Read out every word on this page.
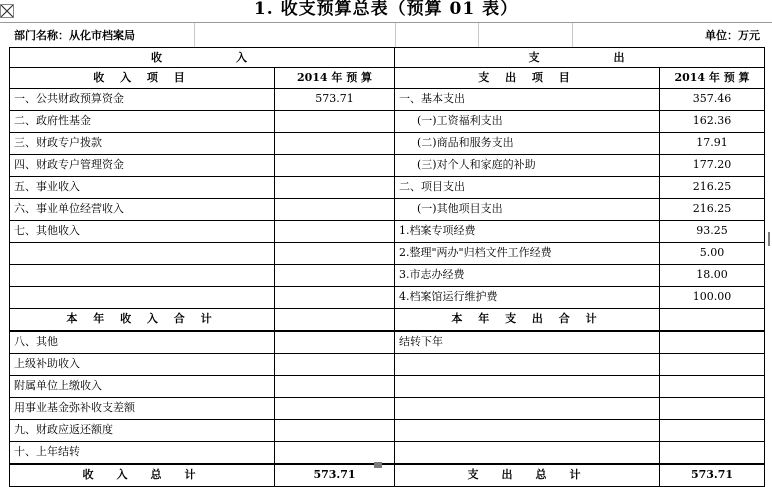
1. 收支预算总表（预算 01 表）
部门名称：从化市档案局	单位：万元
收　　　　入		支　　　　出	
收 入 项 目	2014 年 预 算	支 出 项 目	2014 年 预 算
一、公共财政预算资金	573.71	一、基本支出	357.46
二、政府性基金		(一)工资福利支出	162.36
三、财政专户拨款		(二)商品和服务支出	17.91
四、财政专户管理资金		(三)对个人和家庭的补助	177.20
五、事业收入		二、项目支出	216.25
六、事业单位经营收入		(一)其他项目支出	216.25
七、其他收入		1.档案专项经费	93.25
		2.整理"两办"归档文件工作经费	5.00
		3.市志办经费	18.00
		4.档案馆运行维护费	100.00
本 年 收 入 合 计		本 年 支 出 合 计	
八、其他		结转下年	
上级补助收入			
附属单位上缴收入			
用事业基金弥补收支差额			
九、财政应返还额度			
十、上年结转			
收　入　总　计	573.71	支　出　总　计	573.71
